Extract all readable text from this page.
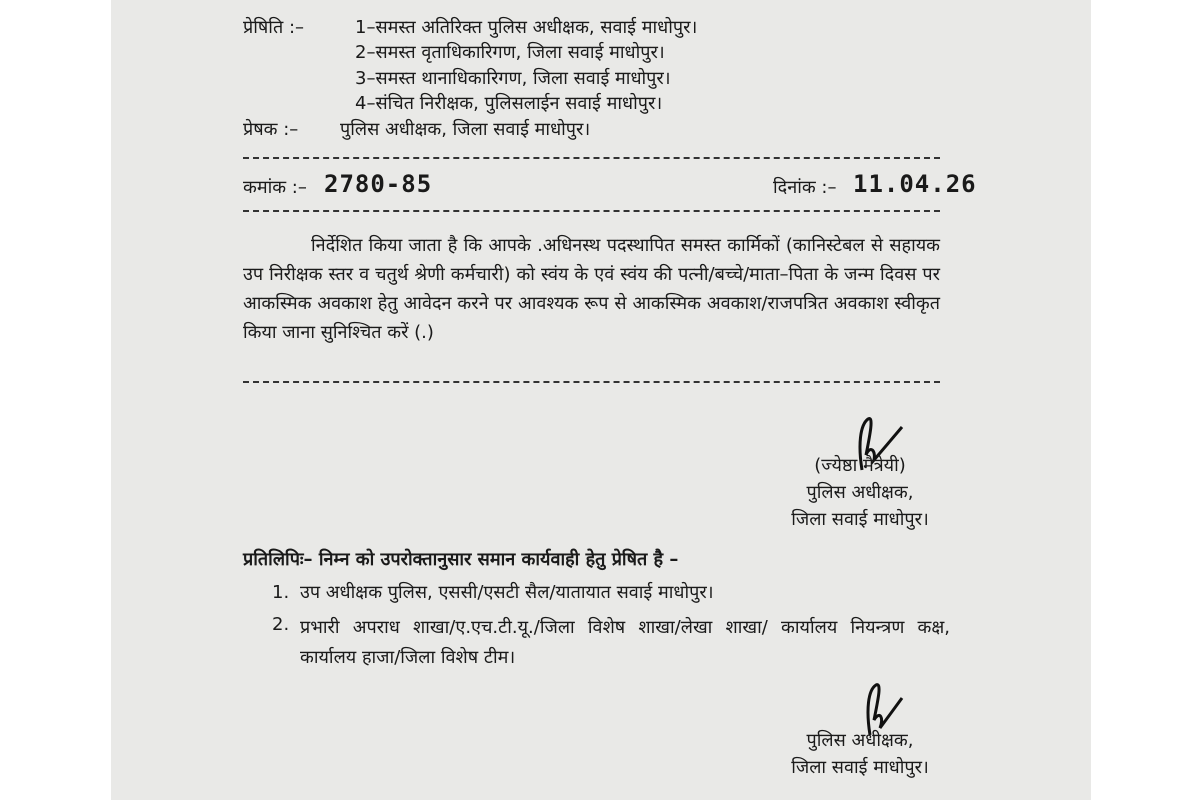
प्रेषिति :–	1–समस्त अतिरिक्त पुलिस अधीक्षक, सवाई माधोपुर।
2–समस्त वृताधिकारिगण, जिला सवाई माधोपुर।
3–समस्त थानाधिकारिगण, जिला सवाई माधोपुर।
4–संचित निरीक्षक, पुलिसलाईन सवाई माधोपुर।
प्रेषक :– पुलिस अधीक्षक, जिला सवाई माधोपुर।
कमांक :– 2780-85	दिनांक :– 11.04.26
निर्देशित किया जाता है कि आपके .अधिनस्थ पदस्थापित समस्त कार्मिकों (कानिस्टेबल से सहायक उप निरीक्षक स्तर व चतुर्थ श्रेणी कर्मचारी) को स्वंय के एवं स्वंय की पत्नी/बच्चे/माता–पिता के जन्म दिवस पर आकस्मिक अवकाश हेतु आवेदन करने पर आवश्यक रूप से आकस्मिक अवकाश/राजपत्रित अवकाश स्वीकृत किया जाना सुनिश्चित करें (.)
(ज्येष्ठा मैत्रेयी)
पुलिस अधीक्षक,
जिला सवाई माधोपुर।
प्रतिलिपिः– निम्न को उपरोक्तानुसार समान कार्यवाही हेतु प्रेषित है –
1. उप अधीक्षक पुलिस, एससी/एसटी सैल/यातायात सवाई माधोपुर।
2. प्रभारी अपराध शाखा/ए.एच.टी.यू./जिला विशेष शाखा/लेखा शाखा/ कार्यालय नियन्त्रण कक्ष, कार्यालय हाजा/जिला विशेष टीम।
पुलिस अधीक्षक,
जिला सवाई माधोपुर।
